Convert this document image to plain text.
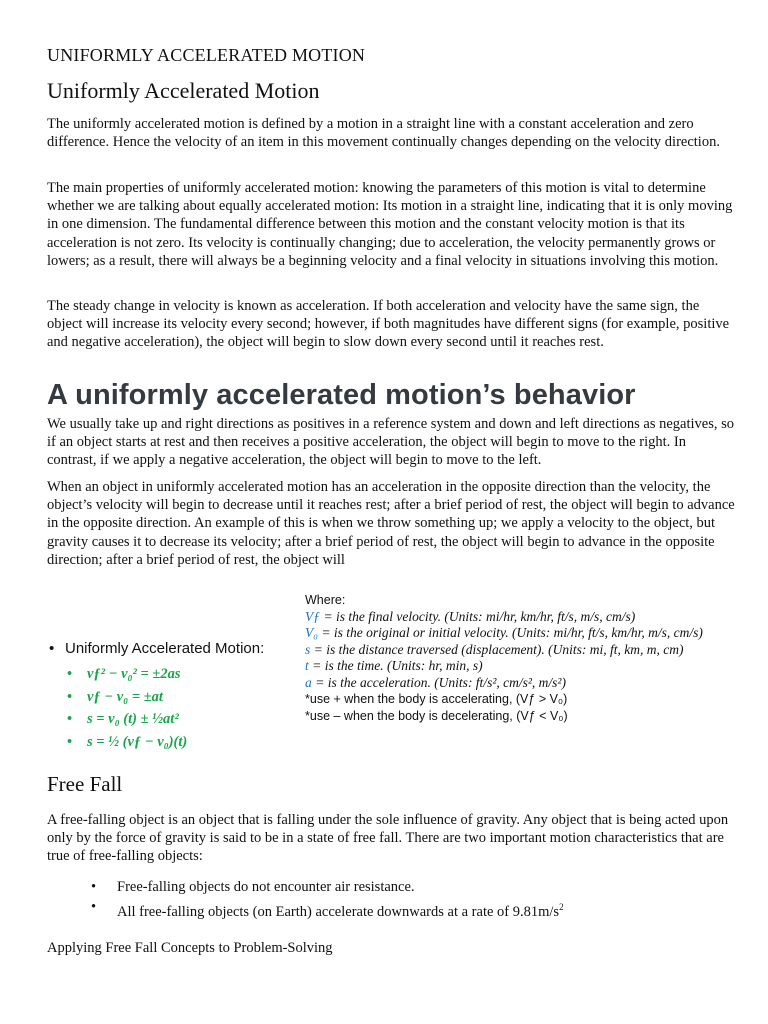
UNIFORMLY ACCELERATED MOTION
Uniformly Accelerated Motion

The uniformly accelerated motion is defined by a motion in a straight line with a constant acceleration and zero difference. Hence the velocity of an item in this movement continually changes depending on the velocity direction.

The main properties of uniformly accelerated motion: knowing the parameters of this motion is vital to determine whether we are talking about equally accelerated motion: Its motion in a straight line, indicating that it is only moving in one dimension. The fundamental difference between this motion and the constant velocity motion is that its acceleration is not zero. Its velocity is continually changing; due to acceleration, the velocity permanently grows or lowers; as a result, there will always be a beginning velocity and a final velocity in situations involving this motion.

The steady change in velocity is known as acceleration. If both acceleration and velocity have the same sign, the object will increase its velocity every second; however, if both magnitudes have different signs (for example, positive and negative acceleration), the object will begin to slow down every second until it reaches rest.

A uniformly accelerated motion’s behavior

We usually take up and right directions as positives in a reference system and down and left directions as negatives, so if an object starts at rest and then receives a positive acceleration, the object will begin to move to the right. In contrast, if we apply a negative acceleration, the object will begin to move to the left.

When an object in uniformly accelerated motion has an acceleration in the opposite direction than the velocity, the object’s velocity will begin to decrease until it reaches rest; after a brief period of rest, the object will begin to advance in the opposite direction. An example of this is when we throw something up; we apply a velocity to the object, but gravity causes it to decrease its velocity; after a brief period of rest, the object will begin to advance in the opposite direction; after a brief period of rest, the object will

• Uniformly Accelerated Motion:

• vƒ² − v₀² = ±2as
• vƒ − v₀ = ±at
• s = v₀ (t) ± ½at²
• s = ½ (vƒ − v₀)(t)
Where:
Vƒ = is the final velocity. (Units: mi/hr, km/hr, ft/s, m/s, cm/s)
V₀ = is the original or initial velocity. (Units: mi/hr, ft/s, km/hr, m/s, cm/s)
s = is the distance traversed (displacement). (Units: mi, ft, km, m, cm)
t = is the time. (Units: hr, min, s)
a = is the acceleration. (Units: ft/s², cm/s², m/s²)
*use + when the body is accelerating, (Vƒ > V₀)
*use – when the body is decelerating, (Vƒ < V₀)
Free Fall

A free-falling object is an object that is falling under the sole influence of gravity. Any object that is being acted upon only by the force of gravity is said to be in a state of free fall. There are two important motion characteristics that are true of free-falling objects:

• Free-falling objects do not encounter air resistance.
• All free-falling objects (on Earth) accelerate downwards at a rate of $9.81m/s^2$

Applying Free Fall Concepts to Problem-Solving
